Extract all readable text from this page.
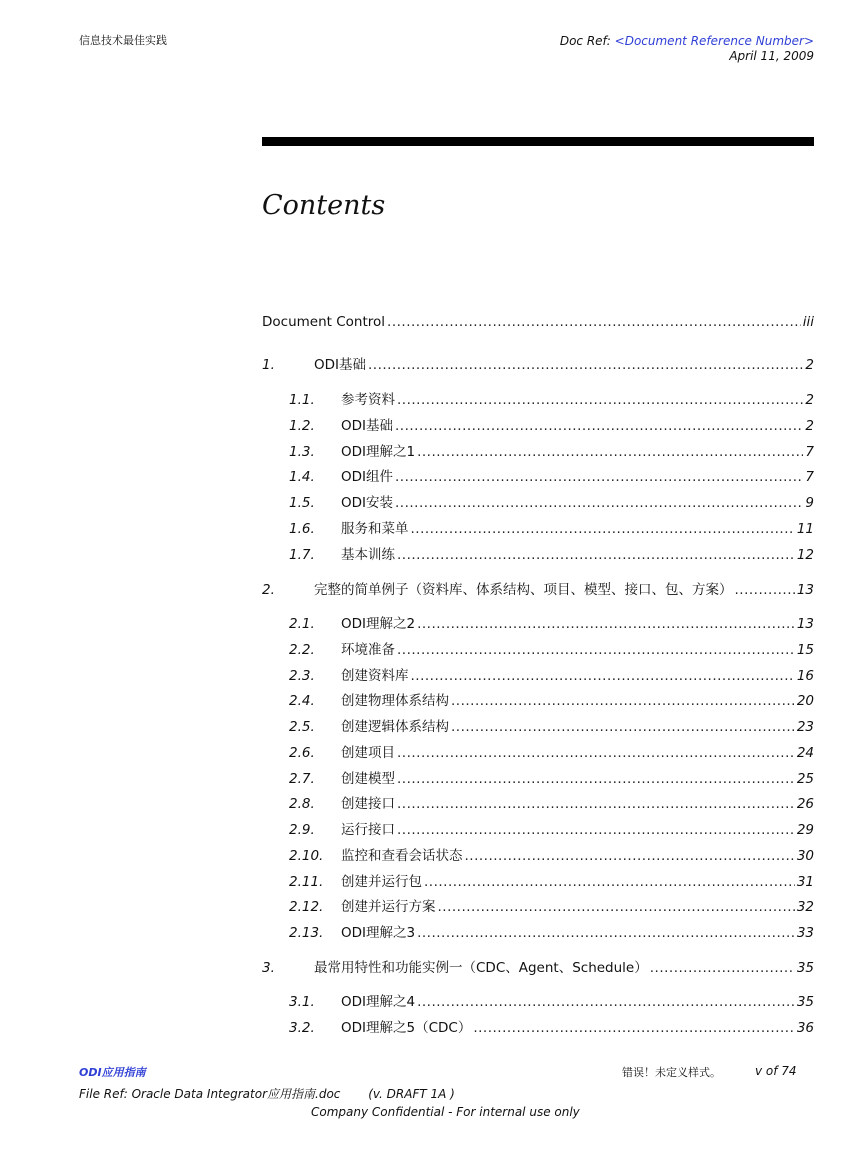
信息技术最佳实践	Doc Ref: <Document Reference Number>
April 11, 2009
Contents
Document Control .....	iii
1.	ODI基础 .....	2
1.1.	参考资料 .....	2
1.2.	ODI基础 .....	2
1.3.	ODI理解之1 .....	7
1.4.	ODI组件 .....	7
1.5.	ODI安装 .....	9
1.6.	服务和菜单 .....	11
1.7.	基本训练 .....	12
2.	完整的简单例子（资料库、体系结构、项目、模型、接口、包、方案） .....	13
2.1.	ODI理解之2 .....	13
2.2.	环境准备 .....	15
2.3.	创建资料库 .....	16
2.4.	创建物理体系结构 .....	20
2.5.	创建逻辑体系结构 .....	23
2.6.	创建项目 .....	24
2.7.	创建模型 .....	25
2.8.	创建接口 .....	26
2.9.	运行接口 .....	29
2.10.	监控和查看会话状态 .....	30
2.11.	创建并运行包 .....	31
2.12.	创建并运行方案 .....	32
2.13.	ODI理解之3 .....	33
3.	最常用特性和功能实例一（CDC、Agent、Schedule） .....	35
3.1.	ODI理解之4 .....	35
3.2.	ODI理解之5（CDC） .....	36
ODI应用指南	错误！未定义样式。	v of 74
File Ref: Oracle Data Integrator应用指南.doc (v. DRAFT 1A )
Company Confidential - For internal use only
